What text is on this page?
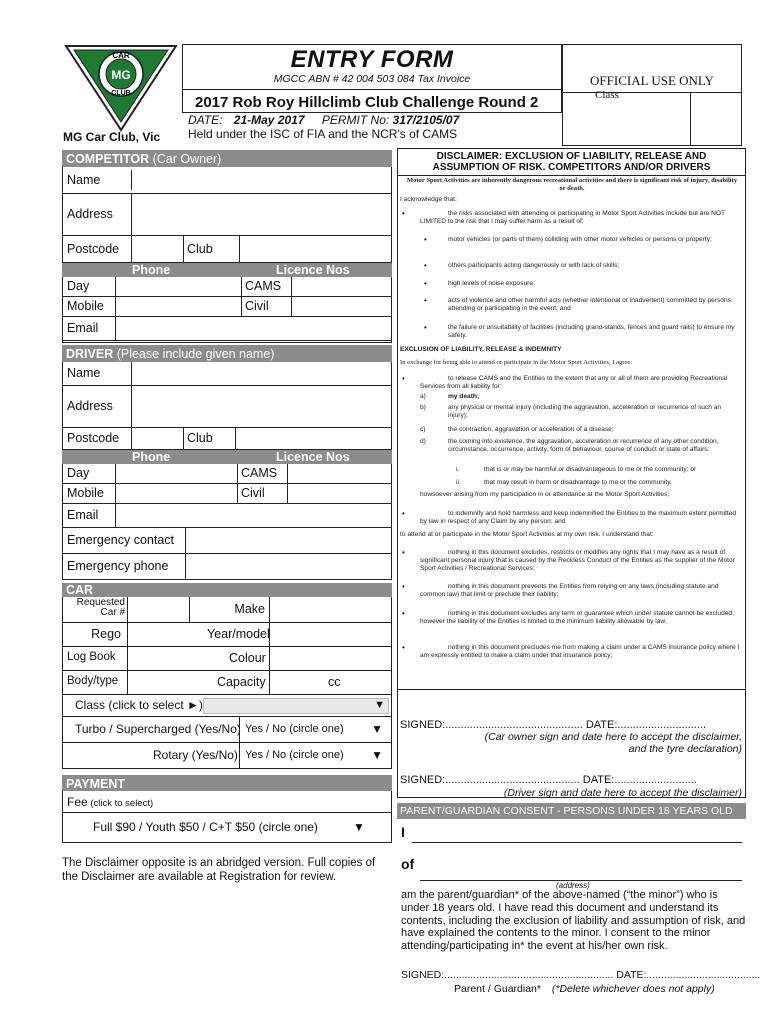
CAR
MG
CLUB
MG Car Club, Vic
ENTRY FORM
MGCC ABN # 42 004 503 084 Tax Invoice
2017 Rob Roy Hillclimb Club Challenge Round 2
DATE: 21-May 2017 PERMIT No: 317/2105/07
Held under the ISC of FIA and the NCR's of CAMS
OFFICIAL USE ONLY
Class
COMPETITOR (Car Owner)
Name
Address
Postcode	Club
Phone	Licence Nos
Day	CAMS
Mobile	Civil
Email
DRIVER (Please include given name)
Name
Address
Postcode	Club
Phone	Licence Nos
Day	CAMS
Mobile	Civil
Email
Emergency contact
Emergency phone
CAR
Requested
Car #	Make
Rego	Year/model
Log Book	Colour
Body/type	Capacity	cc
Class (click to select ►)	▼
Turbo / Supercharged (Yes/No) Yes / No (circle one) ▼
Rotary (Yes/No) Yes / No (circle one) ▼
PAYMENT
Fee (click to select)
Full $90 / Youth $50 / C+T $50 (circle one)	▼
The Disclaimer opposite is an abridged version. Full copies of the Disclaimer are available at Registration for review.
DISCLAIMER: EXCLUSION OF LIABILITY, RELEASE AND
ASSUMPTION OF RISK. COMPETITORS AND/OR DRIVERS
Motor Sport Activities are inherently dangerous recreational activities and there is significant risk of injury, disability or death.
I acknowledge that:
•	the risks associated with attending or participating in Motor Sport Activities include but are NOT LIMITED to the risk that I may suffer harm as a result of:
•	motor vehicles (or parts of them) colliding with other motor vehicles or persons or property;
•	others participants acting dangerously or with lack of skills;
•	high levels of noise exposure;
•	acts of violence and other harmful acts (whether intentional or inadvertent) committed by persons attending or participating in the event; and
•	the failure or unsuitability of facilities (including grand-stands, fences and guard rails) to ensure my safety.
EXCLUSION OF LIABILITY, RELEASE & INDEMNITY
In exchange for being able to attend or participate in the Motor Sport Activities, I agree:
•	to release CAMS and the Entities to the extent that any or all of them are providing Recreational Services from all liability for:
a)	my death;
b)	any physical or mental injury (including the aggravation, acceleration or recurrence of such an injury);
c)	the contraction, aggravation or acceleration of a disease;
d)	the coming into existence, the aggravation, acceleration or recurrence of any other condition, circumstance, occurrence, activity, form of behaviour, course of conduct or state of affairs:
i.	that is or may be harmful or disadvantageous to me or the community; or
ii.	that may result in harm or disadvantage to me or the community,
howsoever arising from my participation in or attendance at the Motor Sport Activities;
•	to indemnify and hold harmless and keep indemnified the Entities to the maximum extent permitted by law in respect of any Claim by any person; and
to attend at or participate in the Motor Sport Activities at my own risk. I understand that:
•	nothing in this document excludes, restricts or modifies any rights that I may have as a result of significant personal injury that is caused by the Reckless Conduct of the Entities as the supplier of the Motor Sport Activities / Recreational Services;
•	nothing in this document prevents the Entities from relying on any laws (including statute and common law) that limit or preclude their liability;
•	nothing in this document excludes any term or guarantee which under statute cannot be excluded; however the liability of the Entities is limited to the minimum liability allowable by law;
•	nothing in this document precludes me from making a claim under a CAMS insurance policy where I am expressly entitled to make a claim under that insurance policy;
SIGNED:............................................. DATE:.............................
(Car owner sign and date here to accept the disclaimer,
and the tyre declaration)
SIGNED:............................................ DATE:...........................
(Driver sign and date here to accept the disclaimer)
PARENT/GUARDIAN CONSENT - PERSONS UNDER 18 YEARS OLD
I
of
(address)
am the parent/guardian* of the above-named (“the minor”) who is under 18 years old. I have read this document and understand its contents, including the exclusion of liability and assumption of risk, and have explained the contents to the minor. I consent to the minor attending/participating in* the event at his/her own risk.
SIGNED:.......................................................... DATE:.......................................
Parent / Guardian* (*Delete whichever does not apply)
